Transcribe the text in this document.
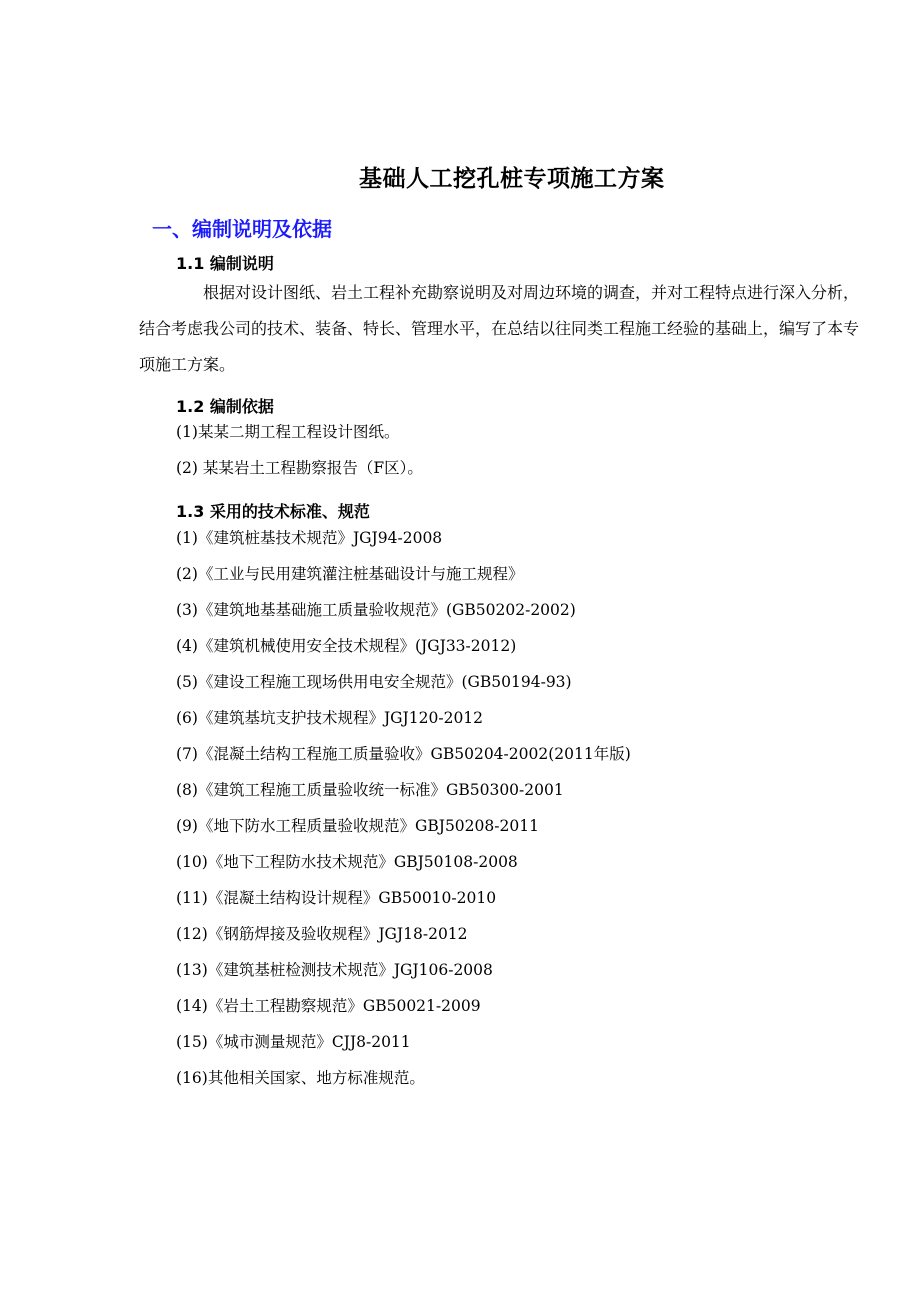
基础人工挖孔桩专项施工方案
一、编制说明及依据
1.1 编制说明
根据对设计图纸、岩土工程补充勘察说明及对周边环境的调查，并对工程特点进行深入分析，结合考虑我公司的技术、装备、特长、管理水平，在总结以往同类工程施工经验的基础上，编写了本专项施工方案。
1.2 编制依据
(1)某某二期工程工程设计图纸。
(2) 某某岩土工程勘察报告（F区）。
1.3 采用的技术标准、规范
(1)《建筑桩基技术规范》JGJ94-2008
(2)《工业与民用建筑灌注桩基础设计与施工规程》
(3)《建筑地基基础施工质量验收规范》(GB50202-2002)
(4)《建筑机械使用安全技术规程》(JGJ33-2012)
(5)《建设工程施工现场供用电安全规范》(GB50194-93)
(6)《建筑基坑支护技术规程》JGJ120-2012
(7)《混凝土结构工程施工质量验收》GB50204-2002(2011年版)
(8)《建筑工程施工质量验收统一标准》GB50300-2001
(9)《地下防水工程质量验收规范》GBJ50208-2011
(10)《地下工程防水技术规范》GBJ50108-2008
(11)《混凝土结构设计规程》GB50010-2010
(12)《钢筋焊接及验收规程》JGJ18-2012
(13)《建筑基桩检测技术规范》JGJ106-2008
(14)《岩土工程勘察规范》GB50021-2009
(15)《城市测量规范》CJJ8-2011
(16)其他相关国家、地方标准规范。
